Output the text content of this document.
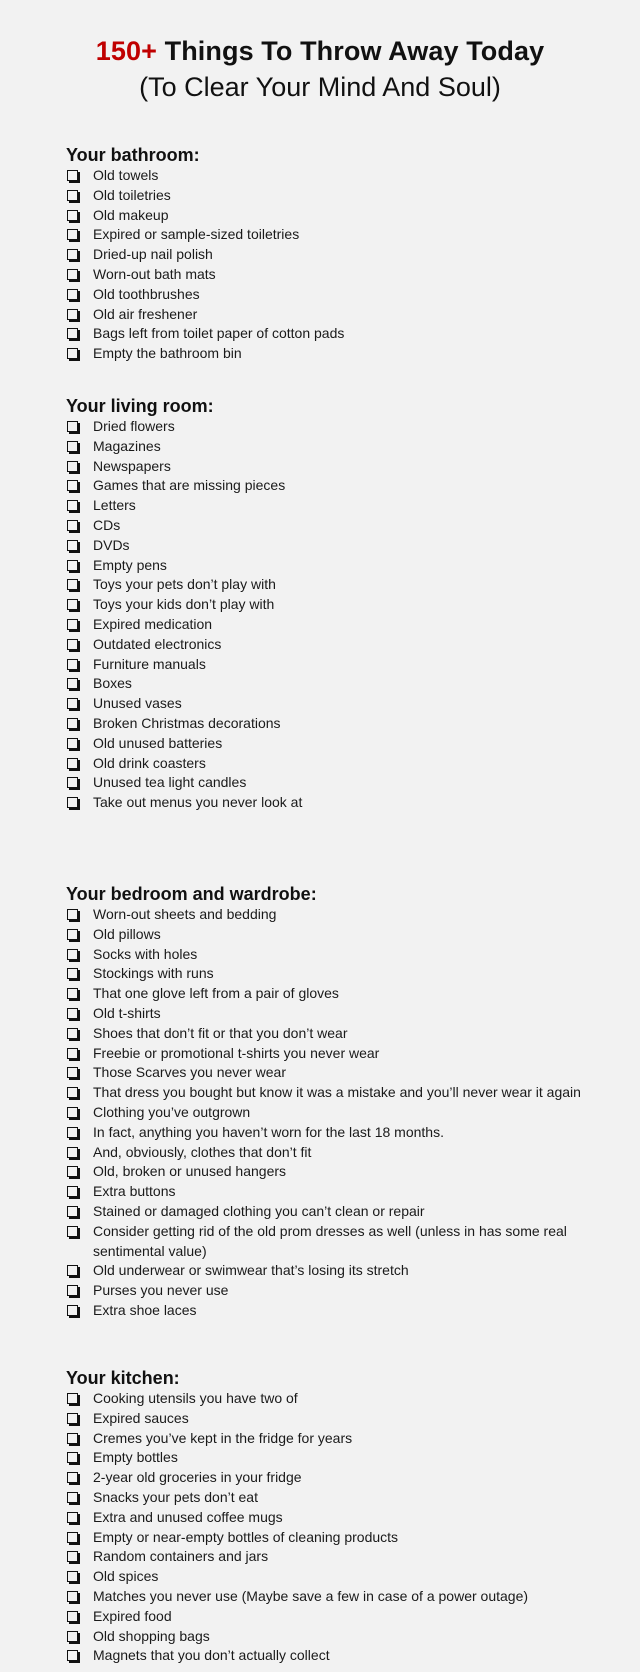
150+ Things To Throw Away Today
(To Clear Your Mind And Soul)
Your bathroom:
Old towels
Old toiletries
Old makeup
Expired or sample-sized toiletries
Dried-up nail polish
Worn-out bath mats
Old toothbrushes
Old air freshener
Bags left from toilet paper of cotton pads
Empty the bathroom bin
Your living room:
Dried flowers
Magazines
Newspapers
Games that are missing pieces
Letters
CDs
DVDs
Empty pens
Toys your pets don’t play with
Toys your kids don’t play with
Expired medication
Outdated electronics
Furniture manuals
Boxes
Unused vases
Broken Christmas decorations
Old unused batteries
Old drink coasters
Unused tea light candles
Take out menus you never look at
Your bedroom and wardrobe:
Worn-out sheets and bedding
Old pillows
Socks with holes
Stockings with runs
That one glove left from a pair of gloves
Old t-shirts
Shoes that don’t fit or that you don’t wear
Freebie or promotional t-shirts you never wear
Those Scarves you never wear
That dress you bought but know it was a mistake and you’ll never wear it again
Clothing you’ve outgrown
In fact, anything you haven’t worn for the last 18 months.
And, obviously, clothes that don’t fit
Old, broken or unused hangers
Extra buttons
Stained or damaged clothing you can’t clean or repair
Consider getting rid of the old prom dresses as well (unless in has some real sentimental value)
Old underwear or swimwear that’s losing its stretch
Purses you never use
Extra shoe laces
Your kitchen:
Cooking utensils you have two of
Expired sauces
Cremes you’ve kept in the fridge for years
Empty bottles
2-year old groceries in your fridge
Snacks your pets don’t eat
Extra and unused coffee mugs
Empty or near-empty bottles of cleaning products
Random containers and jars
Old spices
Matches you never use (Maybe save a few in case of a power outage)
Expired food
Old shopping bags
Magnets that you don’t actually collect
